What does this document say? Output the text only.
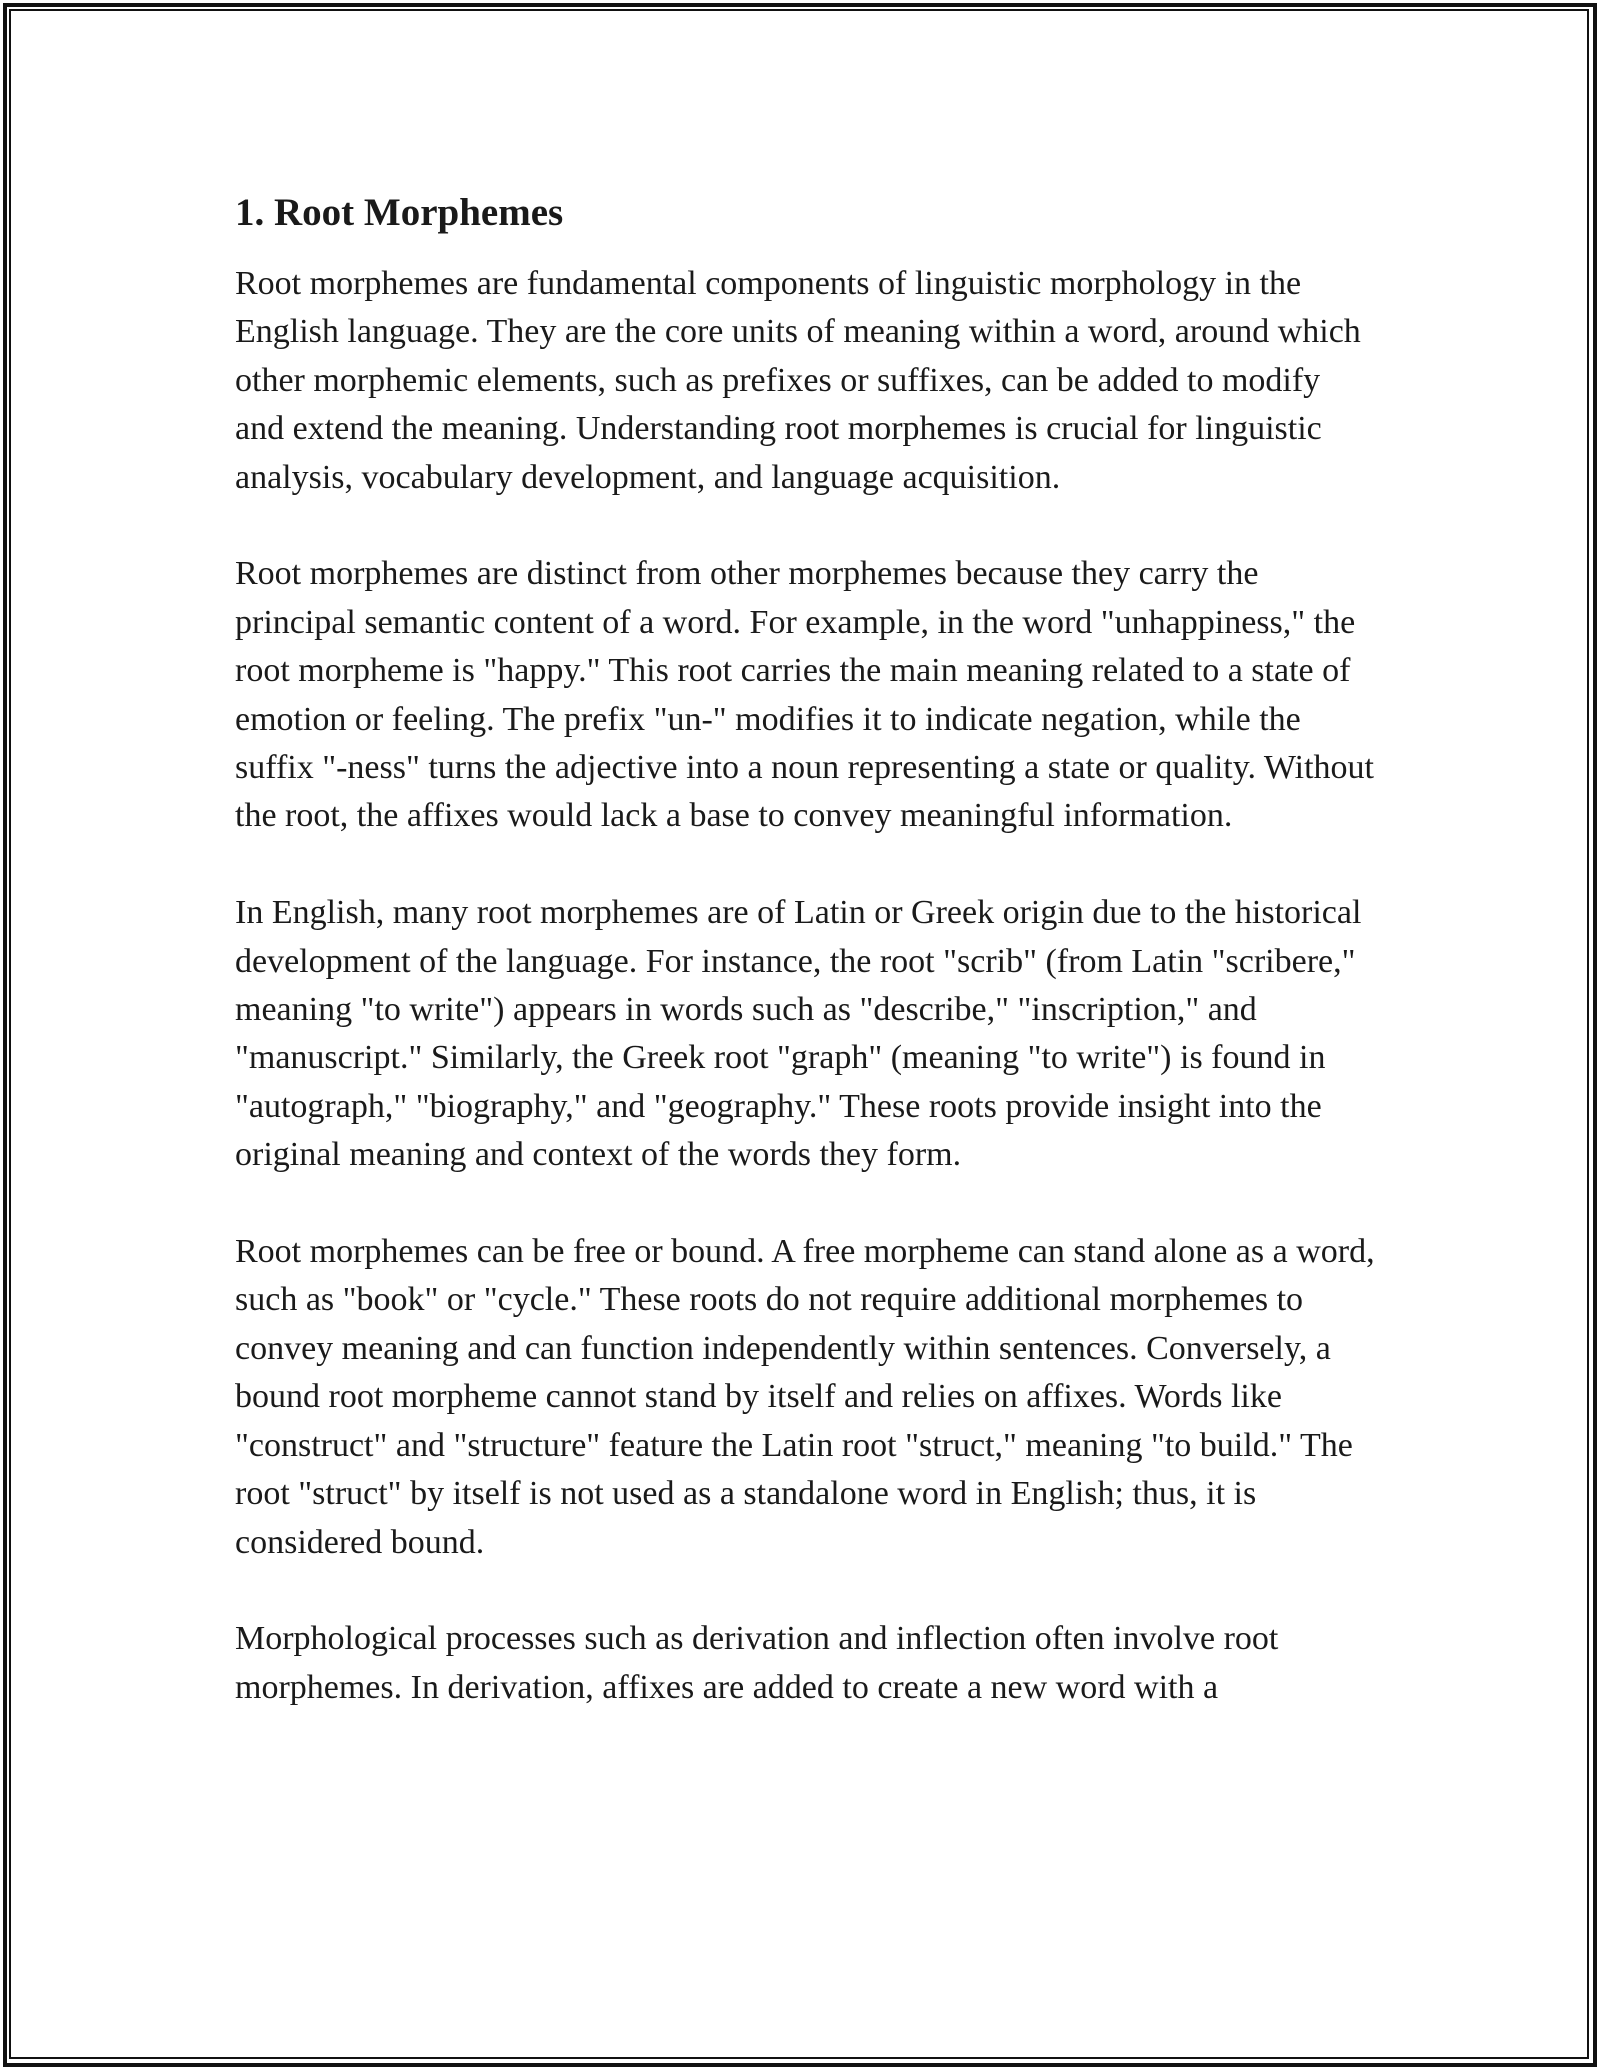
1. Root Morphemes

Root morphemes are fundamental components of linguistic morphology in the English language. They are the core units of meaning within a word, around which other morphemic elements, such as prefixes or suffixes, can be added to modify and extend the meaning. Understanding root morphemes is crucial for linguistic analysis, vocabulary development, and language acquisition.

Root morphemes are distinct from other morphemes because they carry the principal semantic content of a word. For example, in the word "unhappiness," the root morpheme is "happy." This root carries the main meaning related to a state of emotion or feeling. The prefix "un-" modifies it to indicate negation, while the suffix "-ness" turns the adjective into a noun representing a state or quality. Without the root, the affixes would lack a base to convey meaningful information.

In English, many root morphemes are of Latin or Greek origin due to the historical development of the language. For instance, the root "scrib" (from Latin "scribere," meaning "to write") appears in words such as "describe," "inscription," and "manuscript." Similarly, the Greek root "graph" (meaning "to write") is found in "autograph," "biography," and "geography." These roots provide insight into the original meaning and context of the words they form.

Root morphemes can be free or bound. A free morpheme can stand alone as a word, such as "book" or "cycle." These roots do not require additional morphemes to convey meaning and can function independently within sentences. Conversely, a bound root morpheme cannot stand by itself and relies on affixes. Words like "construct" and "structure" feature the Latin root "struct," meaning "to build." The root "struct" by itself is not used as a standalone word in English; thus, it is considered bound.

Morphological processes such as derivation and inflection often involve root morphemes. In derivation, affixes are added to create a new word with a
